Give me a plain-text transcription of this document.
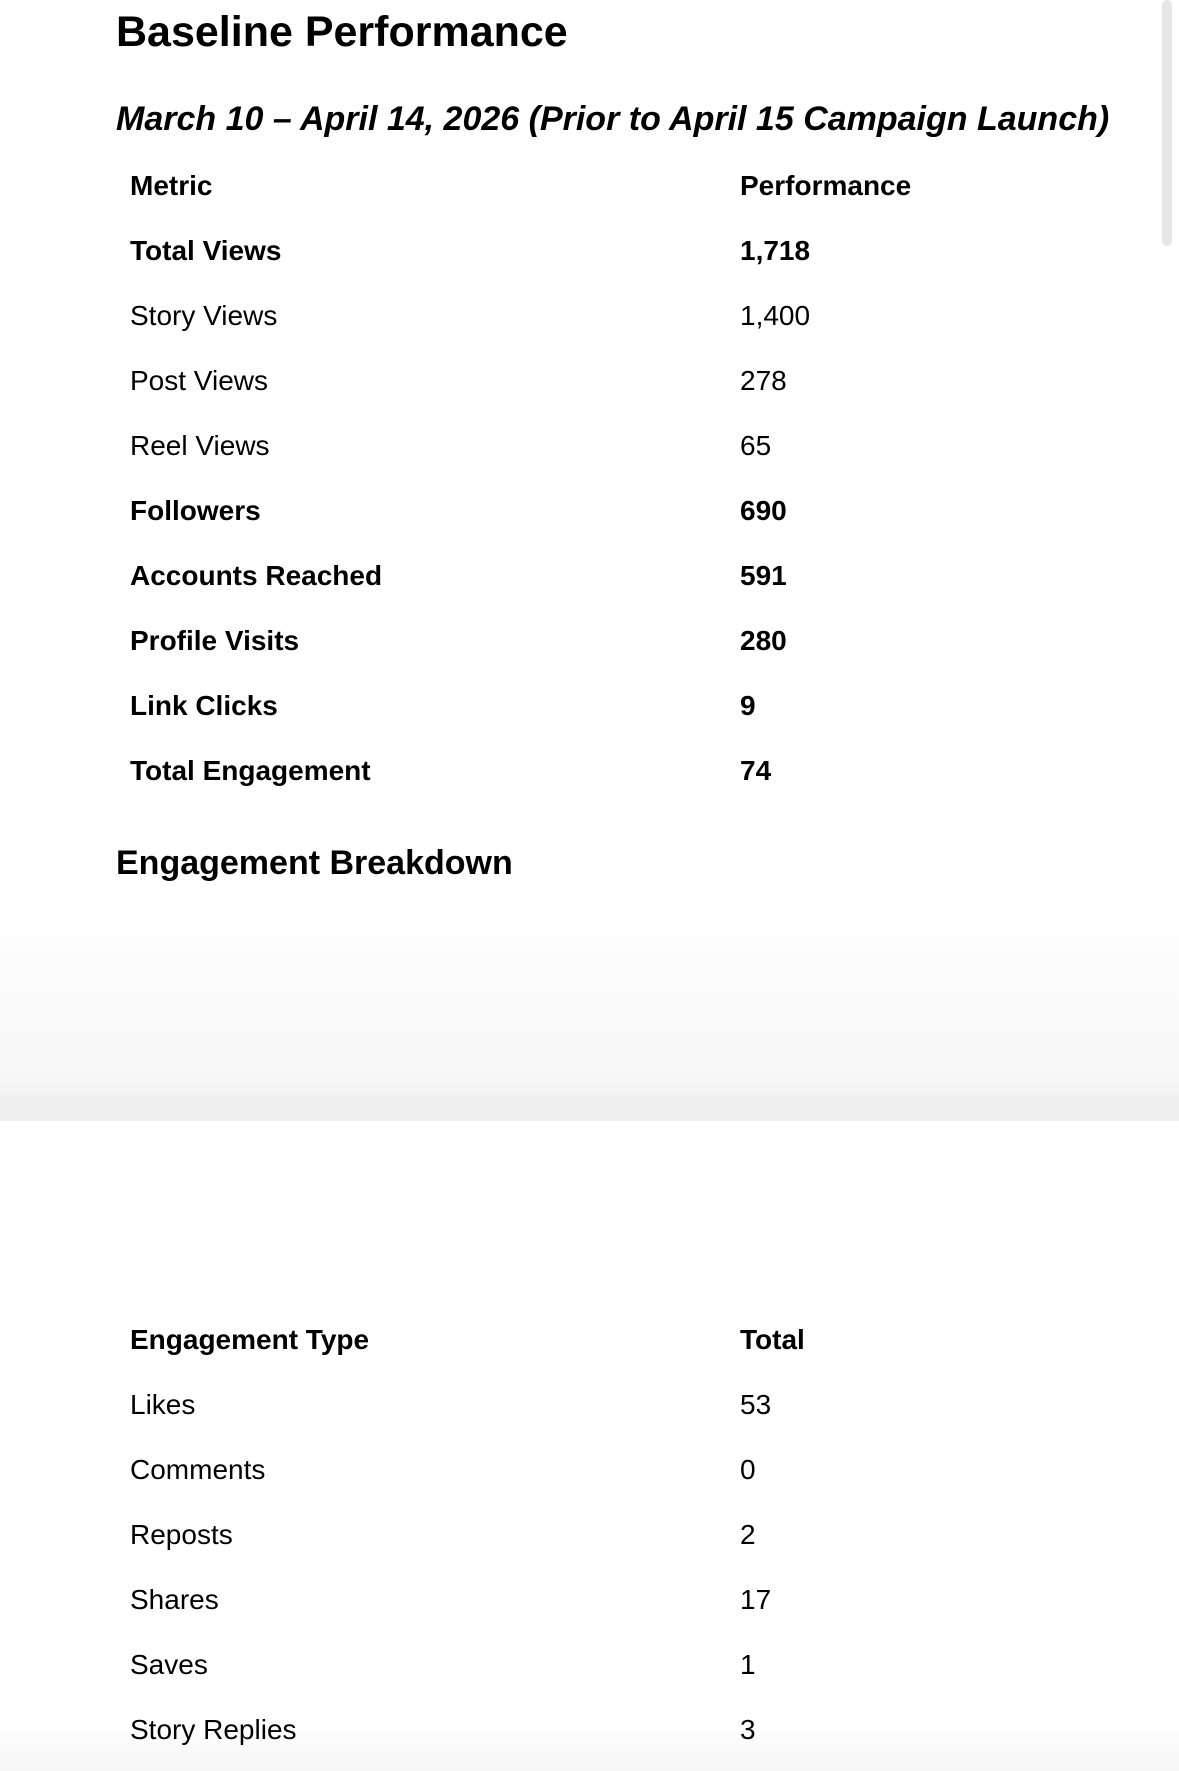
Baseline Performance
March 10 – April 14, 2026 (Prior to April 15 Campaign Launch)
Metric	Performance
Total Views	1,718
Story Views	1,400
Post Views	278
Reel Views	65
Followers	690
Accounts Reached	591
Profile Visits	280
Link Clicks	9
Total Engagement	74
Engagement Breakdown
Engagement Type	Total
Likes	53
Comments	0
Reposts	2
Shares	17
Saves	1
Story Replies	3
